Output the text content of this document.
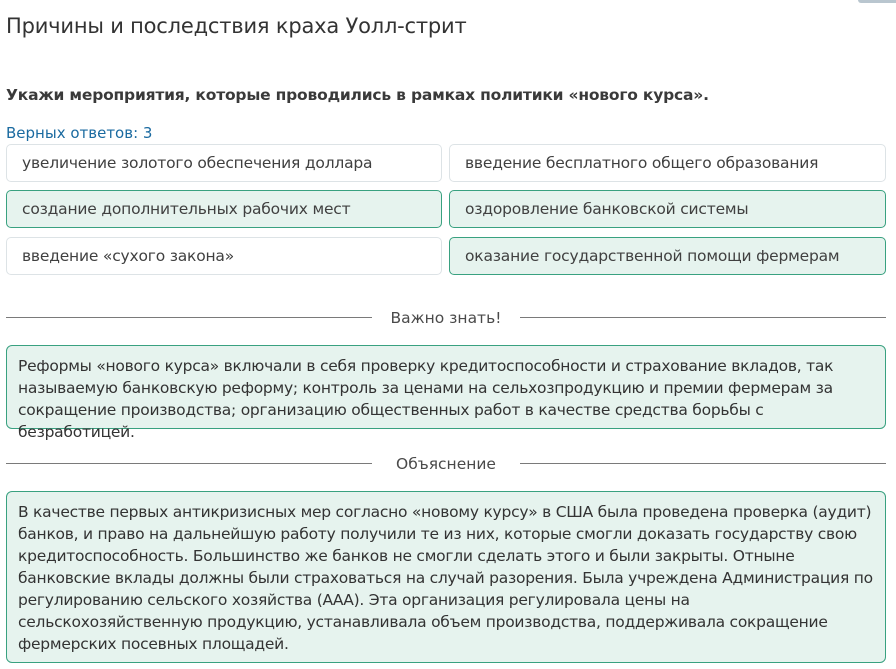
Причины и последствия краха Уолл-стрит
Укажи мероприятия, которые проводились в рамках политики «нового курса».
Верных ответов: 3
увеличение золотого обеспечения доллара	введение бесплатного общего образования
создание дополнительных рабочих мест	оздоровление банковской системы
введение «сухого закона»	оказание государственной помощи фермерам
Важно знать!

Реформы «нового курса» включали в себя проверку кредитоспособности и страхование вкладов, так называемую банковскую реформу; контроль за ценами на сельхозпродукцию и премии фермерам за сокращение производства; организацию общественных работ в качестве средства борьбы с безработицей.

Объяснение

В качестве первых антикризисных мер согласно «новому курсу» в США была проведена проверка (аудит) банков, и право на дальнейшую работу получили те из них, которые смогли доказать государству свою кредитоспособность. Большинство же банков не смогли сделать этого и были закрыты. Отныне банковские вклады должны были страховаться на случай разорения. Была учреждена Администрация по регулированию сельского хозяйства (ААА). Эта организация регулировала цены на сельскохозяйственную продукцию, устанавливала объем производства, поддерживала сокращение фермерских посевных площадей.
